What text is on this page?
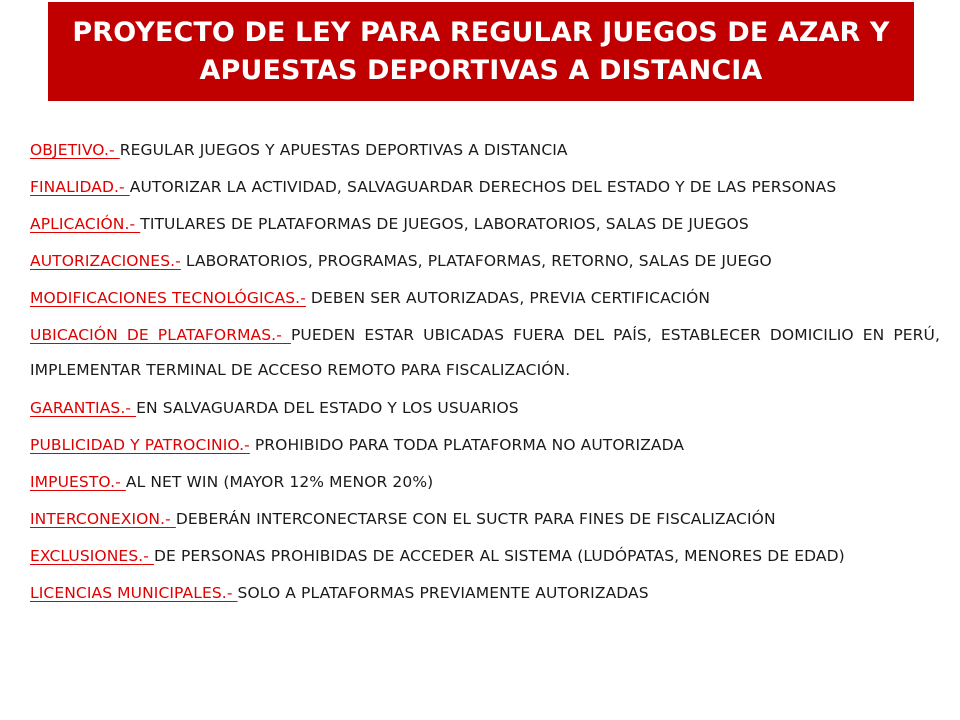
PROYECTO DE LEY PARA REGULAR JUEGOS DE AZAR Y
APUESTAS DEPORTIVAS A DISTANCIA
OBJETIVO.- REGULAR JUEGOS Y APUESTAS DEPORTIVAS A DISTANCIA
FINALIDAD.- AUTORIZAR LA ACTIVIDAD, SALVAGUARDAR DERECHOS DEL ESTADO Y DE LAS PERSONAS
APLICACIÓN.- TITULARES DE PLATAFORMAS DE JUEGOS, LABORATORIOS, SALAS DE JUEGOS
AUTORIZACIONES.- LABORATORIOS, PROGRAMAS, PLATAFORMAS, RETORNO, SALAS DE JUEGO
MODIFICACIONES TECNOLÓGICAS.- DEBEN SER AUTORIZADAS, PREVIA CERTIFICACIÓN
UBICACIÓN DE PLATAFORMAS.- PUEDEN ESTAR UBICADAS FUERA DEL PAÍS, ESTABLECER DOMICILIO EN PERÚ, IMPLEMENTAR TERMINAL DE ACCESO REMOTO PARA FISCALIZACIÓN.
GARANTIAS.- EN SALVAGUARDA DEL ESTADO Y LOS USUARIOS
PUBLICIDAD Y PATROCINIO.- PROHIBIDO PARA TODA PLATAFORMA NO AUTORIZADA
IMPUESTO.- AL NET WIN (MAYOR 12% MENOR 20%)
INTERCONEXION.- DEBERÁN INTERCONECTARSE CON EL SUCTR PARA FINES DE FISCALIZACIÓN
EXCLUSIONES.- DE PERSONAS PROHIBIDAS DE ACCEDER AL SISTEMA (LUDÓPATAS, MENORES DE EDAD)
LICENCIAS MUNICIPALES.- SOLO A PLATAFORMAS PREVIAMENTE AUTORIZADAS
